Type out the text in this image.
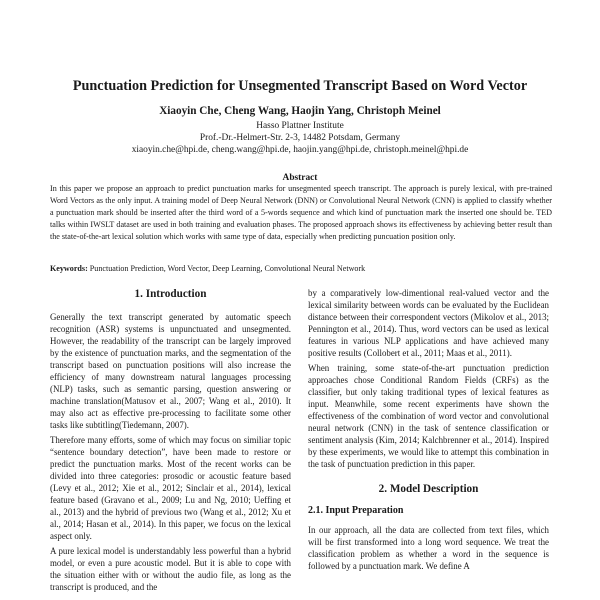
Punctuation Prediction for Unsegmented Transcript Based on Word Vector
Xiaoyin Che, Cheng Wang, Haojin Yang, Christoph Meinel
Hasso Plattner Institute
Prof.-Dr.-Helmert-Str. 2-3, 14482 Potsdam, Germany
xiaoyin.che@hpi.de, cheng.wang@hpi.de, haojin.yang@hpi.de, christoph.meinel@hpi.de
Abstract

In this paper we propose an approach to predict punctuation marks for unsegmented speech transcript. The approach is purely lexical, with pre-trained Word Vectors as the only input. A training model of Deep Neural Network (DNN) or Convolutional Neural Network (CNN) is applied to classify whether a punctuation mark should be inserted after the third word of a 5-words sequence and which kind of punctuation mark the inserted one should be. TED talks within IWSLT dataset are used in both training and evaluation phases. The proposed approach shows its effectiveness by achieving better result than the state-of-the-art lexical solution which works with same type of data, especially when predicting puncuation position only.

Keywords: Punctuation Prediction, Word Vector, Deep Learning, Convolutional Neural Network

1. Introduction

Generally the text transcript generated by automatic speech recognition (ASR) systems is unpunctuated and unsegmented. However, the readability of the transcript can be largely improved by the existence of punctuation marks, and the segmentation of the transcript based on punctuation positions will also increase the efficiency of many downstream natural languages processing (NLP) tasks, such as semantic parsing, question answering or machine translation(Matusov et al., 2007; Wang et al., 2010). It may also act as effective pre-processing to facilitate some other tasks like subtitling(Tiedemann, 2007).

Therefore many efforts, some of which may focus on similiar topic “sentence boundary detection”, have been made to restore or predict the punctuation marks. Most of the recent works can be divided into three categories: prosodic or acoustic feature based (Levy et al., 2012; Xie et al., 2012; Sinclair et al., 2014), lexical feature based (Gravano et al., 2009; Lu and Ng, 2010; Ueffing et al., 2013) and the hybrid of previous two (Wang et al., 2012; Xu et al., 2014; Hasan et al., 2014). In this paper, we focus on the lexical aspect only.

A pure lexical model is understandably less powerful than a hybrid model, or even a pure acoustic model. But it is able to cope with the situation either with or without the audio file, as long as the transcript is produced, and the

by a comparatively low-dimentional real-valued vector and the lexical similarity between words can be evaluated by the Euclidean distance between their correspondent vectors (Mikolov et al., 2013; Pennington et al., 2014). Thus, word vectors can be used as lexical features in various NLP applications and have achieved many positive results (Collobert et al., 2011; Maas et al., 2011).

When training, some state-of-the-art punctuation prediction approaches chose Conditional Random Fields (CRFs) as the classifier, but only taking traditional types of lexical features as input. Meanwhile, some recent experiments have shown the effectiveness of the combination of word vector and convolutional neural network (CNN) in the task of sentence classification or sentiment analysis (Kim, 2014; Kalchbrenner et al., 2014). Inspired by these experiments, we would like to attempt this combination in the task of punctuation prediction in this paper.

2. Model Description
2.1. Input Preparation

In our approach, all the data are collected from text files, which will be first transformed into a long word sequence. We treat the classification problem as whether a word in the sequence is followed by a punctuation mark. We define A
